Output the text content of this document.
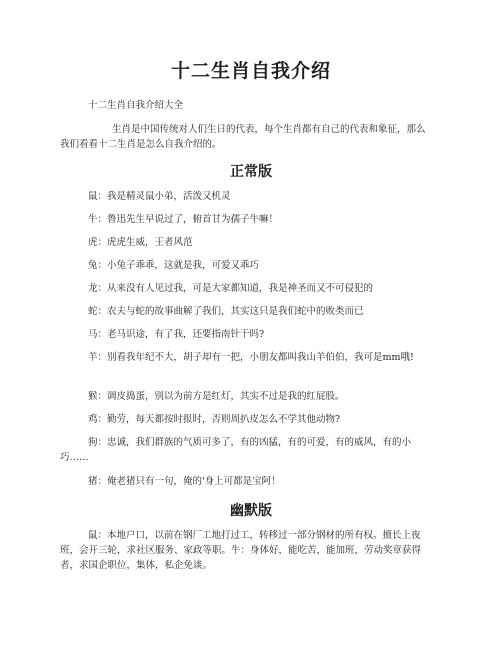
十二生肖自我介绍

十二生肖自我介绍大全

生肖是中国传统对人们生日的代表，每个生肖都有自己的代表和象征，那么我们看看十二生肖是怎么自我介绍的。

正常版

鼠：我是精灵鼠小弟，活泼又机灵

牛：鲁迅先生早说过了，俯首甘为孺子牛嘛！

虎：虎虎生威，王者风范

兔：小兔子乖乖，这就是我，可爱又乖巧

龙：从来没有人见过我，可是大家都知道，我是神圣而又不可侵犯的

蛇：农夫与蛇的故事曲解了我们，其实这只是我们蛇中的败类而已

马：老马识途，有了我，还要指南针干吗?

羊：别看我年纪不大，胡子却有一把，小朋友都叫我山羊伯伯，我可是mm哦!

猴：调皮捣蛋，别以为前方是红灯，其实不过是我的红屁股。

鸡：勤劳，每天都按时报时，否则周扒皮怎么不学其他动物?

狗：忠诚，我们群族的气质可多了，有的凶猛，有的可爱，有的威风，有的小巧……

猪：俺老猪只有一句，俺的'身上可都是宝阿！

幽默版

鼠：本地户口，以前在钢厂工地打过工，转移过一部分钢材的所有权。擅长上夜班，会开三轮，求社区服务、家政等职。牛：身体好，能吃苦，能加班，劳动奖章获得者，求国企职位，集体，私企免谈。
